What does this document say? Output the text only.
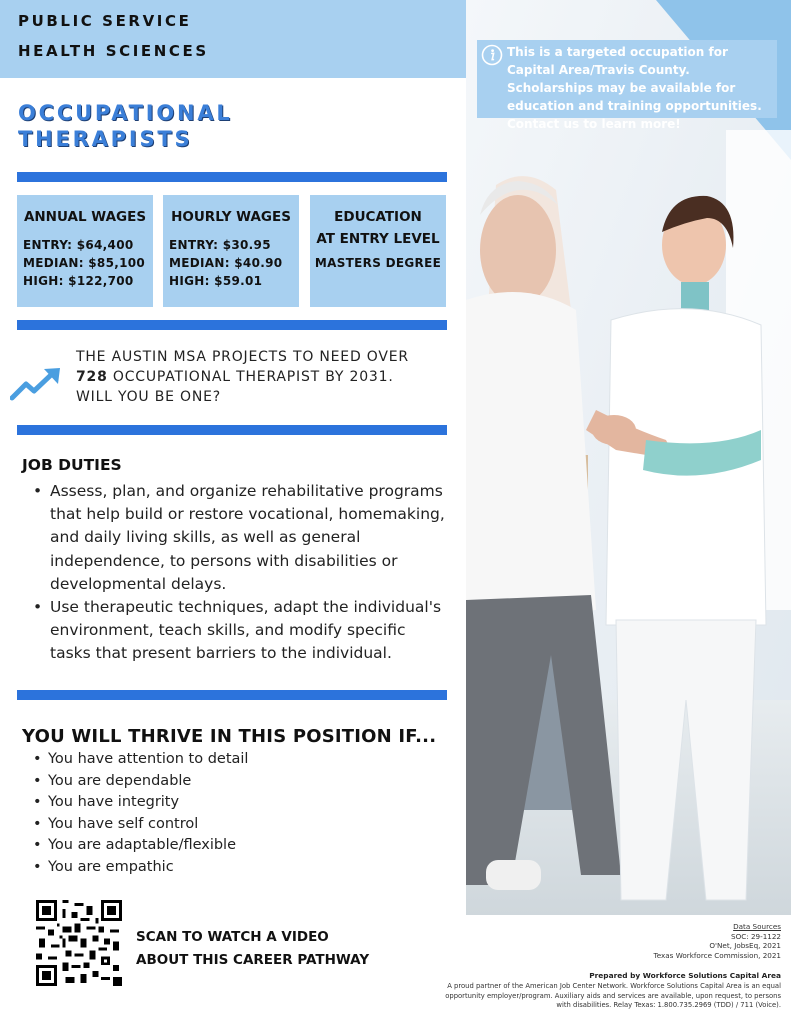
PUBLIC SERVICE
HEALTH SCIENCES
OCCUPATIONAL
THERAPISTS
ANNUAL WAGES
ENTRY: $64,400
MEDIAN: $85,100
HIGH: $122,700
HOURLY WAGES
ENTRY: $30.95
MEDIAN: $40.90
HIGH: $59.01
EDUCATION
AT ENTRY LEVEL
MASTERS DEGREE
THE AUSTIN MSA PROJECTS TO NEED OVER
728 OCCUPATIONAL THERAPIST BY 2031.
WILL YOU BE ONE?
JOB DUTIES
• Assess, plan, and organize rehabilitative programs that help build or restore vocational, homemaking, and daily living skills, as well as general independence, to persons with disabilities or developmental delays.
• Use therapeutic techniques, adapt the individual's environment, teach skills, and modify specific tasks that present barriers to the individual.
YOU WILL THRIVE IN THIS POSITION IF...
• You have attention to detail
• You are dependable
• You have integrity
• You have self control
• You are adaptable/flexible
• You are empathic
SCAN TO WATCH A VIDEO
ABOUT THIS CAREER PATHWAY
This is a targeted occupation for Capital Area/Travis County. Scholarships may be available for education and training opportunities. Contact us to learn more!
Data Sources
SOC: 29-1122
O'Net, JobsEq, 2021
Texas Workforce Commission, 2021
Prepared by Workforce Solutions Capital Area
A proud partner of the American Job Center Network. Workforce Solutions Capital Area is an equal opportunity employer/program. Auxiliary aids and services are available, upon request, to persons with disabilities. Relay Texas: 1.800.735.2969 (TDD) / 711 (Voice).
